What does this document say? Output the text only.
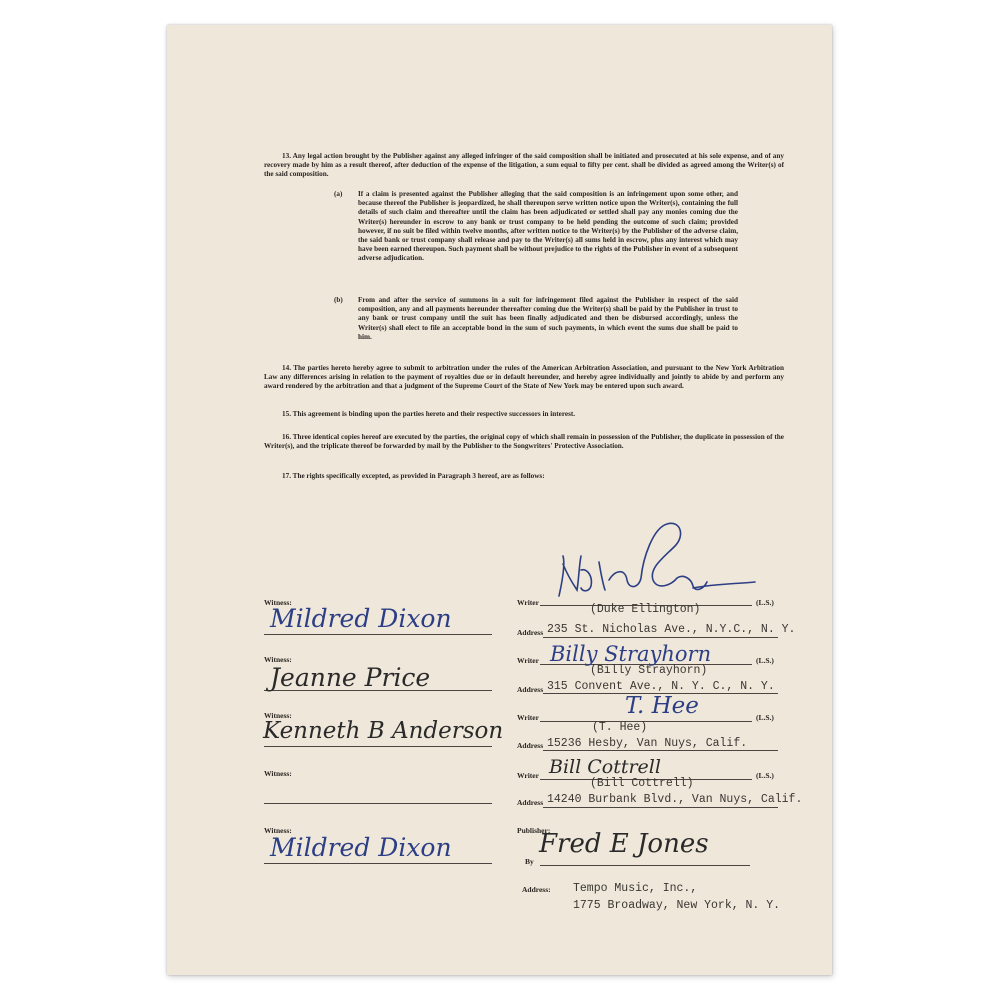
13. Any legal action brought by the Publisher against any alleged infringer of the said composition shall be initiated and prosecuted at his sole expense, and of any recovery made by him as a result thereof, after deduction of the expense of the litigation, a sum equal to fifty per cent. shall be divided as agreed among the Writer(s) of the said composition.

(a) If a claim is presented against the Publisher alleging that the said composition is an infringement upon some other, and because thereof the Publisher is jeopardized, he shall thereupon serve written notice upon the Writer(s), containing the full details of such claim and thereafter until the claim has been adjudicated or settled shall pay any monies coming due the Writer(s) hereunder in escrow to any bank or trust company to be held pending the outcome of such claim; provided however, if no suit be filed within twelve months, after written notice to the Writer(s) by the Publisher of the adverse claim, the said bank or trust company shall release and pay to the Writer(s) all sums held in escrow, plus any interest which may have been earned thereupon. Such payment shall be without prejudice to the rights of the Publisher in event of a subsequent adverse adjudication.

(b) From and after the service of summons in a suit for infringement filed against the Publisher in respect of the said composition, any and all payments hereunder thereafter coming due the Writer(s) shall be paid by the Publisher in trust to any bank or trust company until the suit has been finally adjudicated and then be disbursed accordingly, unless the Writer(s) shall elect to file an acceptable bond in the sum of such payments, in which event the sums due shall be paid to him.

14. The parties hereto hereby agree to submit to arbitration under the rules of the American Arbitration Association, and pursuant to the New York Arbitration Law any differences arising in relation to the payment of royalties due or in default hereunder, and hereby agree individually and jointly to abide by and perform any award rendered by the arbitration and that a judgment of the Supreme Court of the State of New York may be entered upon such award.

15. This agreement is binding upon the parties hereto and their respective successors in interest.

16. Three identical copies hereof are executed by the parties, the original copy of which shall remain in possession of the Publisher, the duplicate in possession of the Writer(s), and the triplicate thereof be forwarded by mail by the Publisher to the Songwriters' Protective Association.

17. The rights specifically excepted, as provided in Paragraph 3 hereof, are as follows:
Witness:
Mildred Dixon
Witness:
Jeanne Price
Witness:
Kenneth B Anderson
Witness:
Witness:
Mildred Dixon
Writer	(L.S.)
(Duke Ellington)
Address 235 St. Nicholas Ave., N.Y.C., N. Y.
Writer	(L.S.)
Billy Strayhorn
(Billy Strayhorn)
Address 315 Convent Ave., N. Y. C., N. Y.
Writer	(L.S.)
T. Hee
(T. Hee)
Address 15236 Hesby, Van Nuys, Calif.
Writer	(L.S.)
Bill Cottrell
(Bill Cottrell)
Address 14240 Burbank Blvd., Van Nuys, Calif.
Publisher:
By
Fred E Jones
Address: Tempo Music, Inc.,
1775 Broadway, New York, N. Y.
